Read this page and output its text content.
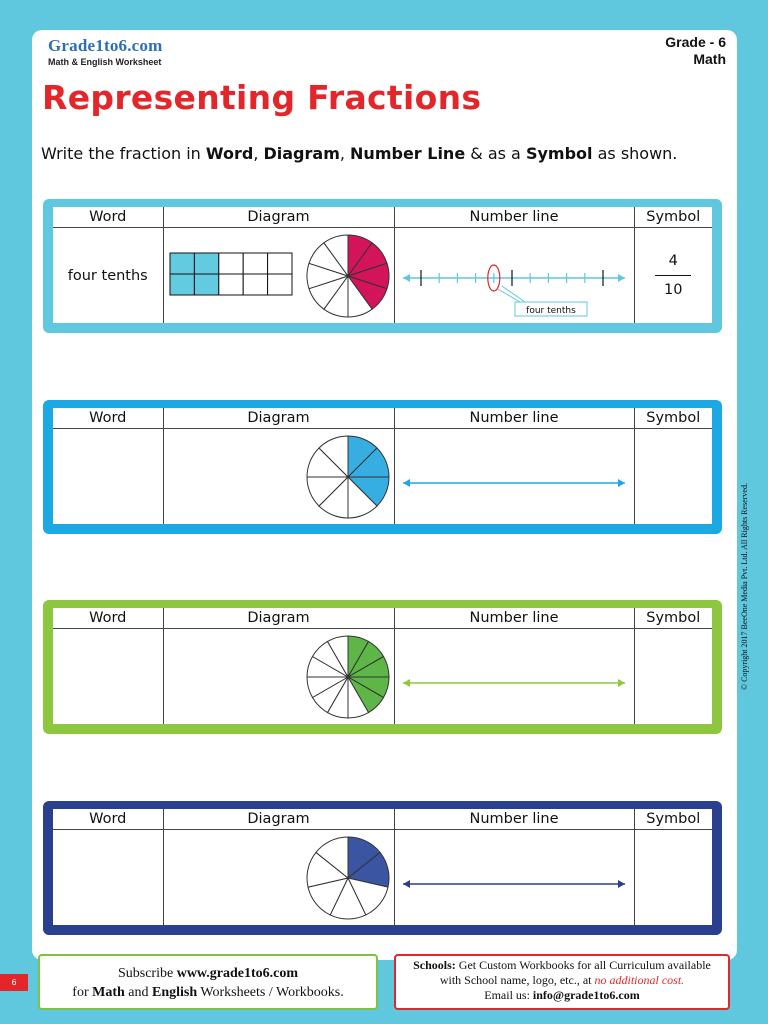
Grade1to6.com
Math & English Worksheet
Grade - 6
Math
Representing Fractions
Write the fraction in Word, Diagram, Number Line & as a Symbol as shown.
Word	Diagram	Number line	Symbol
four tenths		four tenths	4
10
Word	Diagram	Number line	Symbol

Word	Diagram	Number line	Symbol

Word	Diagram	Number line	Symbol

© Copyright 2017 BeeOne Media Pvt. Ltd. All Rights Reserved.
6
Subscribe www.grade1to6.com
for Math and English Worksheets / Workbooks.
Schools: Get Custom Workbooks for all Curriculum available
with School name, logo, etc., at no additional cost.
Email us: info@grade1to6.com
